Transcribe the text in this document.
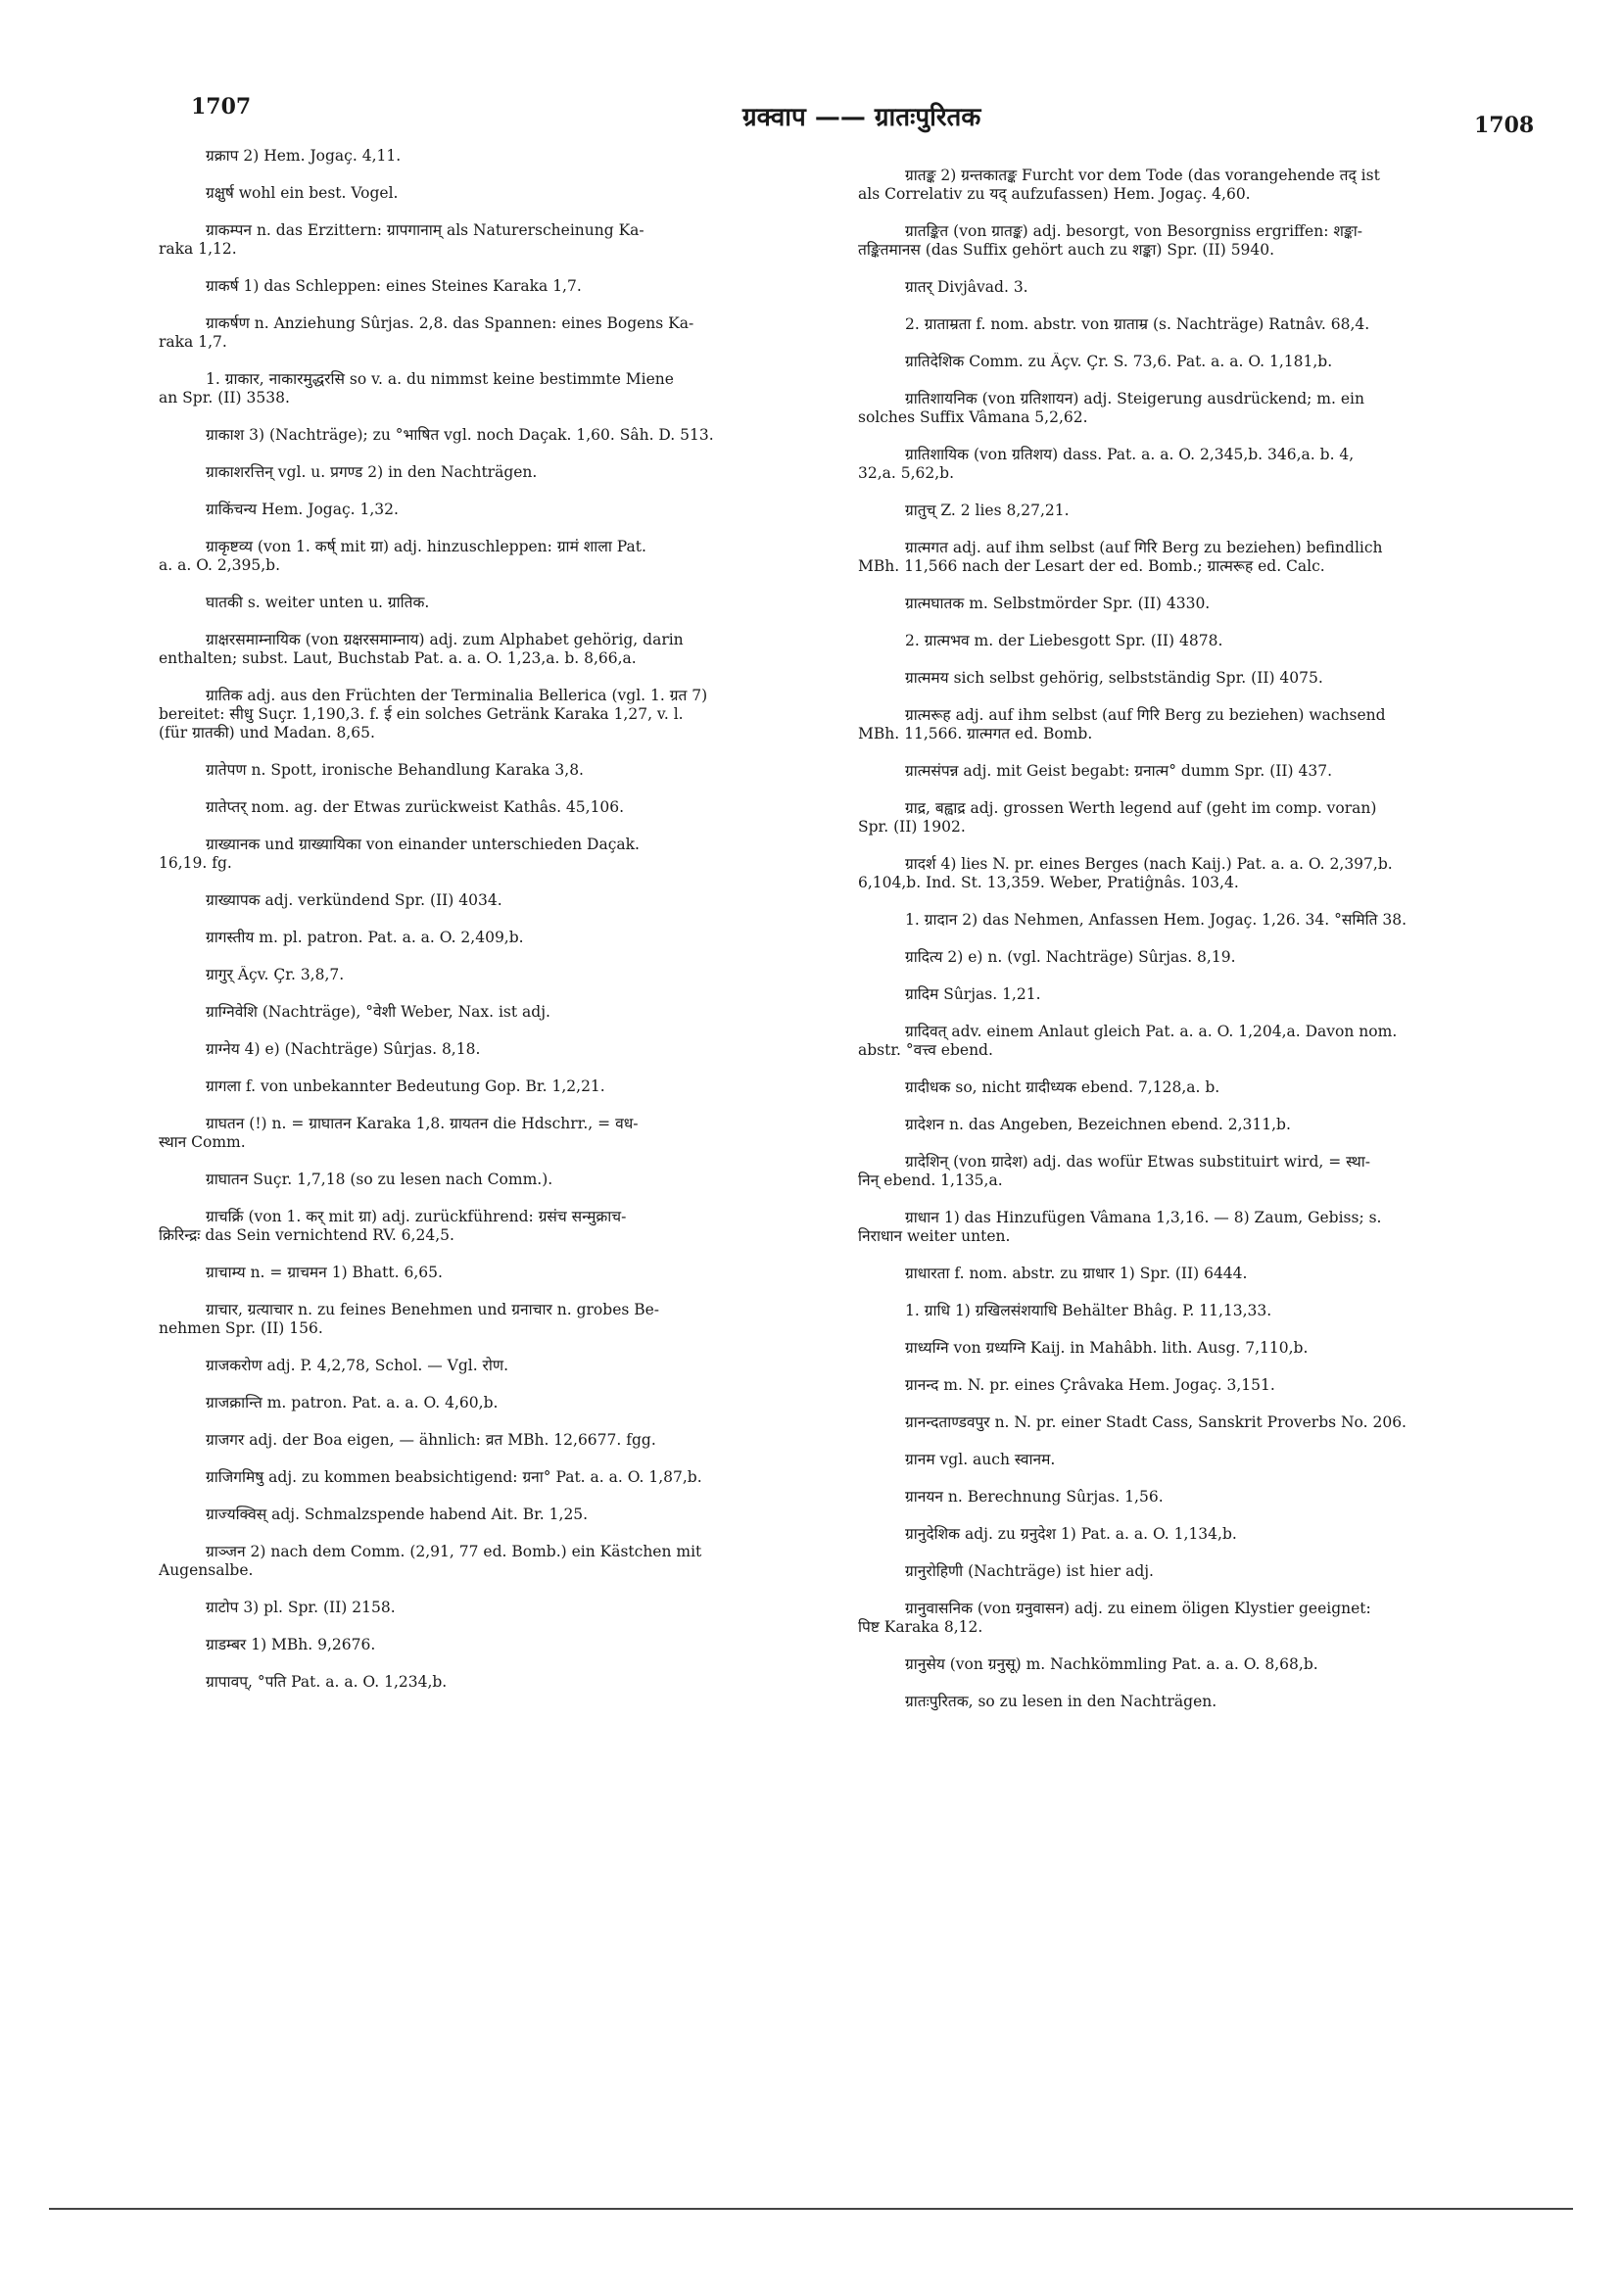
1707	ग्रक्वाप —— ग्रातःपुरितक	1708
ग्रक्राप 2) Hem. Jogaç. 4,11.
ग्रक्षुर्ष wohl ein best. Vogel.
ग्राकम्पन n. das Erzittern: ग्रापगानाम् als Naturerscheinung Ka-
raka 1,12.
ग्राकर्ष 1) das Schleppen: eines Steines Karaka 1,7.
ग्राकर्षण n. Anziehung Sûrjas. 2,8. das Spannen: eines Bogens Ka-
raka 1,7.
1. ग्राकार, नाकारमुद्धरसि so v. a. du nimmst keine bestimmte Miene
an Spr. (II) 3538.
ग्राकाश 3) (Nachträge); zu °भाषित vgl. noch Daçak. 1,60. Sâh. D. 513.
ग्राकाशरत्तिन् vgl. u. प्रगण्ड 2) in den Nachträgen.
ग्राकिंचन्य Hem. Jogaç. 1,32.
ग्राकृष्टव्य (von 1. कर्ष् mit ग्रा) adj. hinzuschleppen: ग्रामं शाला Pat.
a. a. O. 2,395,b.
घातकी s. weiter unten u. ग्रातिक.
ग्राक्षरसमाम्नायिक (von ग्रक्षरसमाम्नाय) adj. zum Alphabet gehörig, darin
enthalten; subst. Laut, Buchstab Pat. a. a. O. 1,23,a. b. 8,66,a.
ग्रातिक adj. aus den Früchten der Terminalia Bellerica (vgl. 1. ग्रत 7)
bereitet: सीधु Suçr. 1,190,3. f. ई ein solches Getränk Karaka 1,27, v. l.
(für ग्रातकी) und Madan. 8,65.
ग्रातेपण n. Spott, ironische Behandlung Karaka 3,8.
ग्रातेप्तर् nom. ag. der Etwas zurückweist Kathâs. 45,106.
ग्राख्यानक und ग्राख्यायिका von einander unterschieden Daçak.
16,19. fg.
ग्राख्यापक adj. verkündend Spr. (II) 4034.
ग्रागस्तीय m. pl. patron. Pat. a. a. O. 2,409,b.
ग्रागुर् Âçv. Çr. 3,8,7.
ग्राग्निवेशि (Nachträge), °वेशी Weber, Nax. ist adj.
ग्राग्नेय 4) e) (Nachträge) Sûrjas. 8,18.
ग्रागला f. von unbekannter Bedeutung Gop. Br. 1,2,21.
ग्राघतन (!) n. = ग्राघातन Karaka 1,8. ग्रायतन die Hdschrr., = वध-
स्थान Comm.
ग्राघातन Suçr. 1,7,18 (so zu lesen nach Comm.).
ग्राचर्क्रि (von 1. कर् mit ग्रा) adj. zurückführend: ग्रसंच सन्मुक्राच-
क्रिरिन्द्रः das Sein vernichtend RV. 6,24,5.
ग्राचाम्य n. = ग्राचमन 1) Bhatt. 6,65.
ग्राचार, ग्रत्याचार n. zu feines Benehmen und ग्रनाचार n. grobes Be-
nehmen Spr. (II) 156.
ग्राजकरोण adj. P. 4,2,78, Schol. — Vgl. रोण.
ग्राजक्रान्ति m. patron. Pat. a. a. O. 4,60,b.
ग्राजगर adj. der Boa eigen, — ähnlich: व्रत MBh. 12,6677. fgg.
ग्राजिगमिषु adj. zu kommen beabsichtigend: ग्रना° Pat. a. a. O. 1,87,b.
ग्राज्यक्विस् adj. Schmalzspende habend Ait. Br. 1,25.
ग्राञ्जन 2) nach dem Comm. (2,91, 77 ed. Bomb.) ein Kästchen mit
Augensalbe.
ग्राटोप 3) pl. Spr. (II) 2158.
ग्राडम्बर 1) MBh. 9,2676.
ग्रापावप्, °पति Pat. a. a. O. 1,234,b.
ग्रातङ्क 2) ग्रन्तकातङ्क Furcht vor dem Tode (das vorangehende तद् ist
als Correlativ zu यद् aufzufassen) Hem. Jogaç. 4,60.
ग्रातङ्कित (von ग्रातङ्क) adj. besorgt, von Besorgniss ergriffen: शङ्का-
तङ्कितमानस (das Suffix gehört auch zu शङ्का) Spr. (II) 5940.
ग्रातर् Divjâvad. 3.
2. ग्राताम्रता f. nom. abstr. von ग्राताम्र (s. Nachträge) Ratnâv. 68,4.
ग्रातिदेशिक Comm. zu Âçv. Çr. S. 73,6. Pat. a. a. O. 1,181,b.
ग्रातिशायनिक (von ग्रतिशायन) adj. Steigerung ausdrückend; m. ein
solches Suffix Vâmana 5,2,62.
ग्रातिशायिक (von ग्रतिशय) dass. Pat. a. a. O. 2,345,b. 346,a. b. 4,
32,a. 5,62,b.
ग्रातुच् Z. 2 lies 8,27,21.
ग्रात्मगत adj. auf ihm selbst (auf गिरि Berg zu beziehen) befindlich
MBh. 11,566 nach der Lesart der ed. Bomb.; ग्रात्मरूह ed. Calc.
ग्रात्मघातक m. Selbstmörder Spr. (II) 4330.
2. ग्रात्मभव m. der Liebesgott Spr. (II) 4878.
ग्रात्ममय sich selbst gehörig, selbstständig Spr. (II) 4075.
ग्रात्मरूह adj. auf ihm selbst (auf गिरि Berg zu beziehen) wachsend
MBh. 11,566. ग्रात्मगत ed. Bomb.
ग्रात्मसंपन्न adj. mit Geist begabt: ग्रनात्म° dumm Spr. (II) 437.
ग्राद्र, बह्वाद्र adj. grossen Werth legend auf (geht im comp. voran)
Spr. (II) 1902.
ग्रादर्श 4) lies N. pr. eines Berges (nach Kaij.) Pat. a. a. O. 2,397,b.
6,104,b. Ind. St. 13,359. Weber, Pratiĝnâs. 103,4.
1. ग्रादान 2) das Nehmen, Anfassen Hem. Jogaç. 1,26. 34. °समिति 38.
ग्रादित्य 2) e) n. (vgl. Nachträge) Sûrjas. 8,19.
ग्रादिम Sûrjas. 1,21.
ग्रादिवत् adv. einem Anlaut gleich Pat. a. a. O. 1,204,a. Davon nom.
abstr. °वत्त्व ebend.
ग्रादीधक so, nicht ग्रादीध्यक ebend. 7,128,a. b.
ग्रादेशन n. das Angeben, Bezeichnen ebend. 2,311,b.
ग्रादेशिन् (von ग्रादेश) adj. das wofür Etwas substituirt wird, = स्था-
निन् ebend. 1,135,a.
ग्राधान 1) das Hinzufügen Vâmana 1,3,16. — 8) Zaum, Gebiss; s.
निराधान weiter unten.
ग्राधारता f. nom. abstr. zu ग्राधार 1) Spr. (II) 6444.
1. ग्राधि 1) ग्रखिलसंशयाधि Behälter Bhâg. P. 11,13,33.
ग्राध्यग्नि von ग्रध्यग्नि Kaij. in Mahâbh. lith. Ausg. 7,110,b.
ग्रानन्द m. N. pr. eines Çrâvaka Hem. Jogaç. 3,151.
ग्रानन्दताण्डवपुर n. N. pr. einer Stadt Cass, Sanskrit Proverbs No. 206.
ग्रानम vgl. auch स्वानम.
ग्रानयन n. Berechnung Sûrjas. 1,56.
ग्रानुदेशिक adj. zu ग्रनुदेश 1) Pat. a. a. O. 1,134,b.
ग्रानुरोहिणी (Nachträge) ist hier adj.
ग्रानुवासनिक (von ग्रनुवासन) adj. zu einem öligen Klystier geeignet:
पिष्ट Karaka 8,12.
ग्रानुसेय (von ग्रनुसू) m. Nachkömmling Pat. a. a. O. 8,68,b.
ग्रातःपुरितक, so zu lesen in den Nachträgen.
